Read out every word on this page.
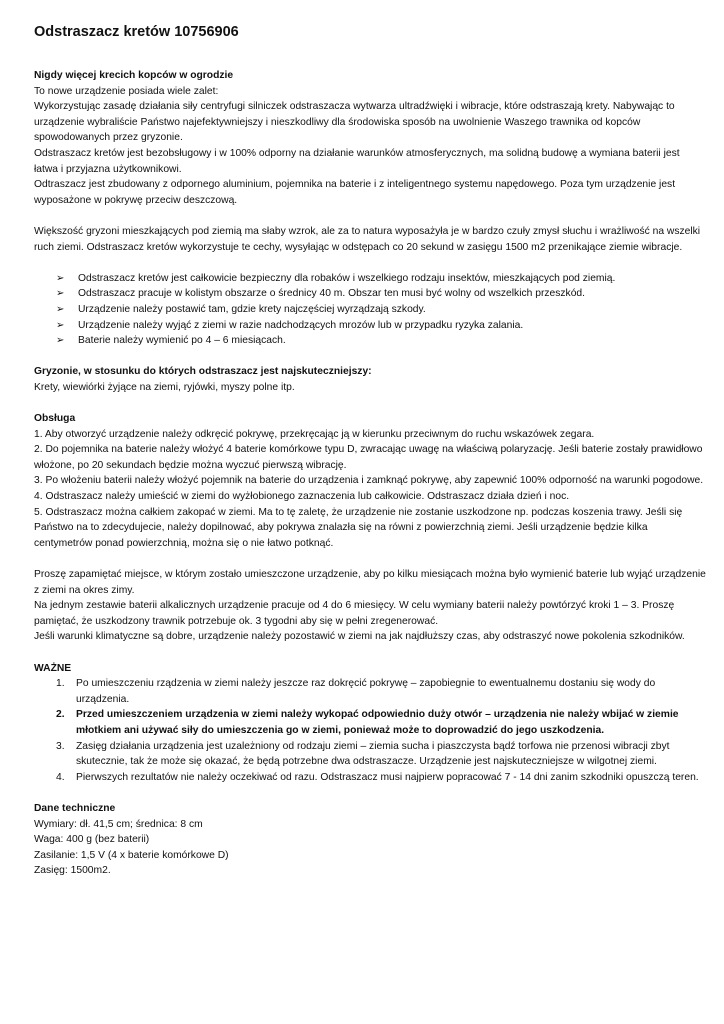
Odstraszacz kretów 10756906

Nigdy więcej krecich kopców w ogrodzie

To nowe urządzenie posiada wiele zalet:

Wykorzystując zasadę działania siły centryfugi silniczek odstraszacza wytwarza ultradźwięki i wibracje, które odstraszają krety. Nabywając to urządzenie wybraliście Państwo najefektywniejszy i nieszkodliwy dla środowiska sposób na uwolnienie Waszego trawnika od kopców spowodowanych przez gryzonie.

Odstraszacz kretów jest bezobsługowy i w 100% odporny na działanie warunków atmosferycznych, ma solidną budowę a wymiana baterii jest łatwa i przyjazna użytkownikowi.

Odtraszacz jest zbudowany z odpornego aluminium, pojemnika na baterie i z inteligentnego systemu napędowego. Poza tym urządzenie jest wyposażone w pokrywę przeciw deszczową.

Większość gryzoni mieszkających pod ziemią ma słaby wzrok, ale za to natura wyposażyła je w bardzo czuły zmysł słuchu i wrażliwość na wszelki ruch ziemi. Odstraszacz kretów wykorzystuje te cechy, wysyłając w odstępach co 20 sekund w zasięgu 1500 m2 przenikające ziemie wibracje.

➢ Odstraszacz kretów jest całkowicie bezpieczny dla robaków i wszelkiego rodzaju insektów, mieszkających pod ziemią.
➢ Odstraszacz pracuje w kolistym obszarze o średnicy 40 m. Obszar ten musi być wolny od wszelkich przeszkód.
➢ Urządzenie należy postawić tam, gdzie krety najczęściej wyrządzają szkody.
➢ Urządzenie należy wyjąć z ziemi w razie nadchodzących mrozów lub w przypadku ryzyka zalania.
➢ Baterie należy wymienić po 4 – 6 miesiącach.

Gryzonie, w stosunku do których odstraszacz jest najskuteczniejszy:

Krety, wiewiórki żyjące na ziemi, ryjówki, myszy polne itp.

Obsługa

1. Aby otworzyć urządzenie należy odkręcić pokrywę, przekręcając ją w kierunku przeciwnym do ruchu wskazówek zegara.

2. Do pojemnika na baterie należy włożyć 4 baterie komórkowe typu D, zwracając uwagę na właściwą polaryzację. Jeśli baterie zostały prawidłowo włożone, po 20 sekundach będzie można wyczuć pierwszą wibrację.

3. Po włożeniu baterii należy włożyć pojemnik na baterie do urządzenia i zamknąć pokrywę, aby zapewnić 100% odporność na warunki pogodowe.

4. Odstraszacz należy umieścić w ziemi do wyżłobionego zaznaczenia lub całkowicie. Odstraszacz działa dzień i noc.

5. Odstraszacz można całkiem zakopać w ziemi. Ma to tę zaletę, że urządzenie nie zostanie uszkodzone np. podczas koszenia trawy. Jeśli się Państwo na to zdecydujecie, należy dopilnować, aby pokrywa znalazła się na równi z powierzchnią ziemi. Jeśli urządzenie będzie kilka centymetrów ponad powierzchnią, można się o nie łatwo potknąć.

Proszę zapamiętać miejsce, w którym zostało umieszczone urządzenie, aby po kilku miesiącach można było wymienić baterie lub wyjąć urządzenie z ziemi na okres zimy.

Na jednym zestawie baterii alkalicznych urządzenie pracuje od 4 do 6 miesięcy. W celu wymiany baterii należy powtórzyć kroki 1 – 3. Proszę pamiętać, że uszkodzony trawnik potrzebuje ok. 3 tygodni aby się w pełni zregenerować.

Jeśli warunki klimatyczne są dobre, urządzenie należy pozostawić w ziemi na jak najdłuższy czas, aby odstraszyć nowe pokolenia szkodników.

WAŻNE

1. Po umieszczeniu rządzenia w ziemi należy jeszcze raz dokręcić pokrywę – zapobiegnie to ewentualnemu dostaniu się wody do urządzenia.
2. Przed umieszczeniem urządzenia w ziemi należy wykopać odpowiednio duży otwór – urządzenia nie należy wbijać w ziemie młotkiem ani używać siły do umieszczenia go w ziemi, ponieważ może to doprowadzić do jego uszkodzenia.
3. Zasięg działania urządzenia jest uzależniony od rodzaju ziemi – ziemia sucha i piaszczysta bądź torfowa nie przenosi wibracji zbyt skutecznie, tak że może się okazać, że będą potrzebne dwa odstraszacze. Urządzenie jest najskuteczniejsze w wilgotnej ziemi.
4. Pierwszych rezultatów nie należy oczekiwać od razu. Odstraszacz musi najpierw popracować 7 - 14 dni zanim szkodniki opuszczą teren.

Dane techniczne

Wymiary: dł. 41,5 cm; średnica: 8 cm

Waga: 400 g (bez baterii)

Zasilanie: 1,5 V (4 x baterie komórkowe D)

Zasięg: 1500m2.
